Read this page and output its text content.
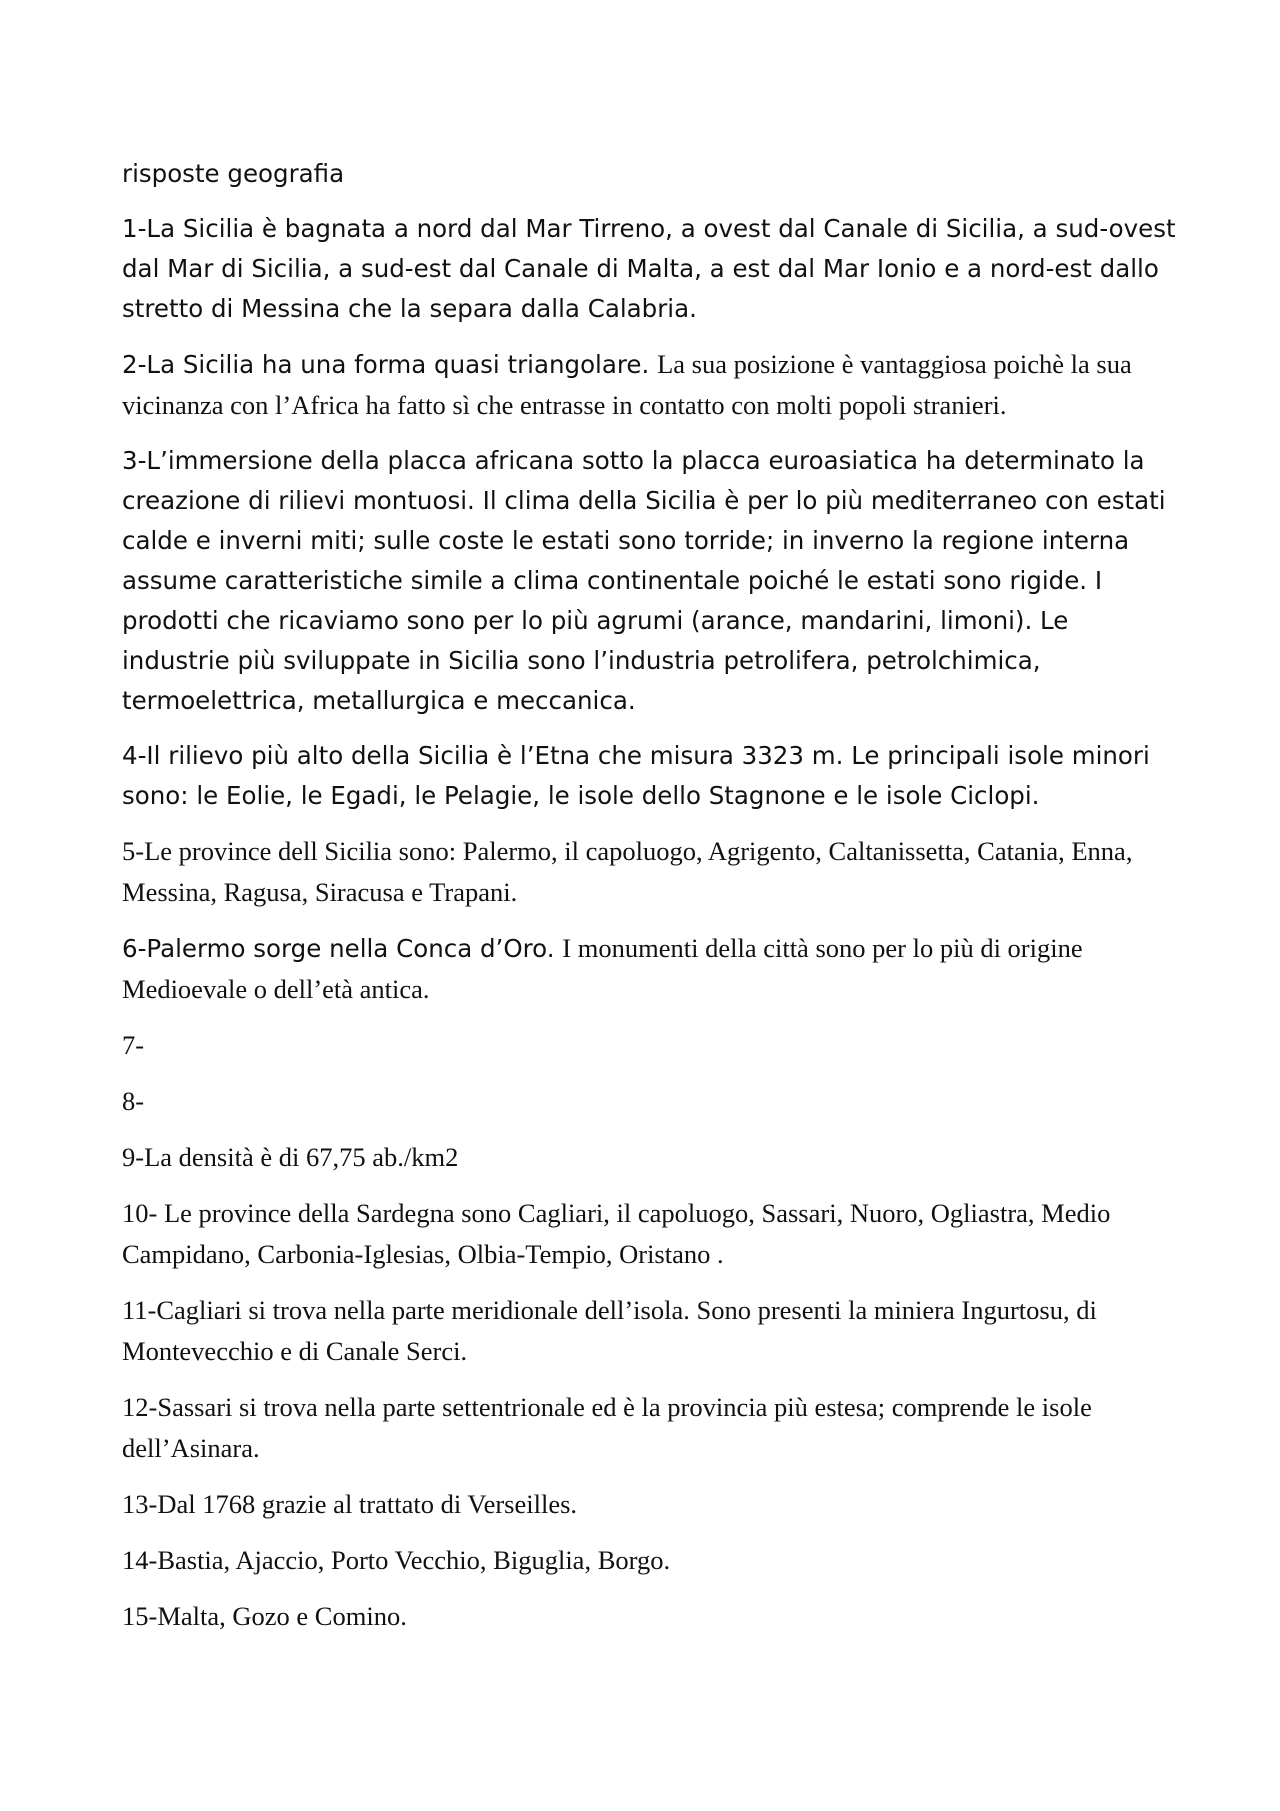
risposte geografia

1-La Sicilia è bagnata a nord dal Mar Tirreno, a ovest dal Canale di Sicilia, a sud-ovest dal Mar di Sicilia, a sud-est dal Canale di Malta, a est dal Mar Ionio e a nord-est dallo stretto di Messina che la separa dalla Calabria.

2-La Sicilia ha una forma quasi triangolare. La sua posizione è vantaggiosa poichè la sua vicinanza con l’Africa ha fatto sì che entrasse in contatto con molti popoli stranieri.

3-L’immersione della placca africana sotto la placca euroasiatica ha determinato la creazione di rilievi montuosi. Il clima della Sicilia è per lo più mediterraneo con estati calde e inverni miti; sulle coste le estati sono torride; in inverno la regione interna assume caratteristiche simile a clima continentale poiché le estati sono rigide. I prodotti che ricaviamo sono per lo più agrumi (arance, mandarini, limoni). Le industrie più sviluppate in Sicilia sono l’industria petrolifera, petrolchimica, termoelettrica, metallurgica e meccanica.

4-Il rilievo più alto della Sicilia è l’Etna che misura 3323 m. Le principali isole minori sono: le Eolie, le Egadi, le Pelagie, le isole dello Stagnone e le isole Ciclopi.

5-Le province dell Sicilia sono: Palermo, il capoluogo, Agrigento, Caltanissetta, Catania, Enna, Messina, Ragusa, Siracusa e Trapani.

6-Palermo sorge nella Conca d’Oro. I monumenti della città sono per lo più di origine Medioevale o dell’età antica.

7-

8-

9-La densità è di 67,75 ab./km2

10- Le province della Sardegna sono Cagliari, il capoluogo, Sassari, Nuoro, Ogliastra, Medio Campidano, Carbonia-Iglesias, Olbia-Tempio, Oristano .

11-Cagliari si trova nella parte meridionale dell’isola. Sono presenti la miniera Ingurtosu, di Montevecchio e di Canale Serci.

12-Sassari si trova nella parte settentrionale ed è la provincia più estesa; comprende le isole dell’Asinara.

13-Dal 1768 grazie al trattato di Verseilles.

14-Bastia, Ajaccio, Porto Vecchio, Biguglia, Borgo.

15-Malta, Gozo e Comino.
